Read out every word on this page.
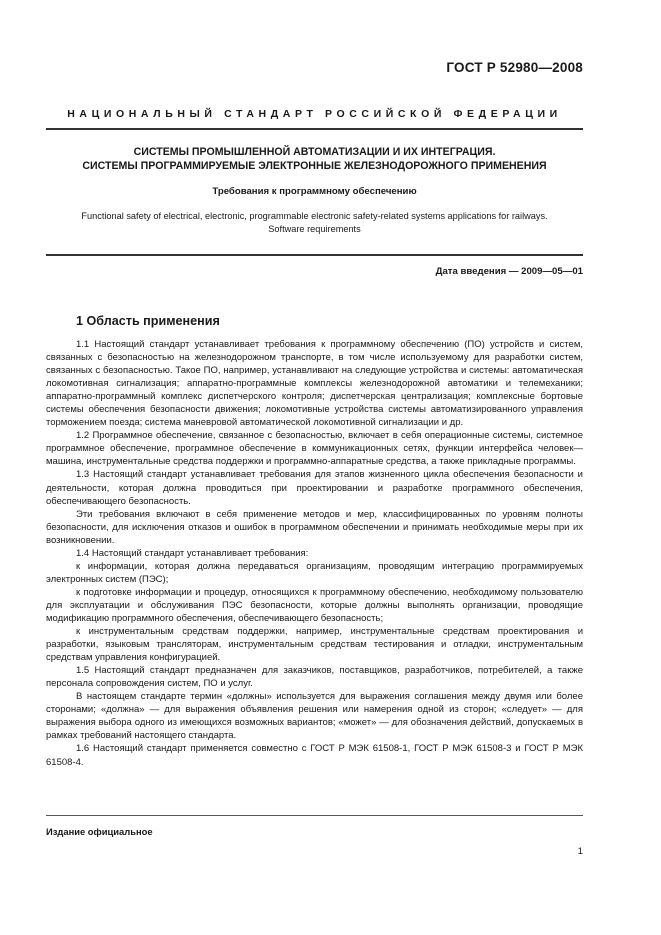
ГОСТ Р 52980—2008
НАЦИОНАЛЬНЫЙ СТАНДАРТ РОССИЙСКОЙ ФЕДЕРАЦИИ
СИСТЕМЫ ПРОМЫШЛЕННОЙ АВТОМАТИЗАЦИИ И ИХ ИНТЕГРАЦИЯ.
СИСТЕМЫ ПРОГРАММИРУЕМЫЕ ЭЛЕКТРОННЫЕ ЖЕЛЕЗНОДОРОЖНОГО ПРИМЕНЕНИЯ
Требования к программному обеспечению
Functional safety of electrical, electronic, programmable electronic safety-related systems applications for railways.
Software requirements
Дата введения — 2009—05—01
1 Область применения

1.1 Настоящий стандарт устанавливает требования к программному обеспечению (ПО) устройств и систем, связанных с безопасностью на железнодорожном транспорте, в том числе используемому для разработки систем, связанных с безопасностью. Такое ПО, например, устанавливают на следующие устройства и системы: автоматическая локомотивная сигнализация; аппаратно-программные комплексы железнодорожной автоматики и телемеханики; аппаратно-программный комплекс диспетчерского контроля; диспетчерская централизация; комплексные бортовые системы обеспечения безопасности движения; локомотивные устройства системы автоматизированного управления торможением поезда; система маневровой автоматической локомотивной сигнализации и др.

1.2 Программное обеспечение, связанное с безопасностью, включает в себя операционные системы, системное программное обеспечение, программное обеспечение в коммуникационных сетях, функции интерфейса человек—машина, инструментальные средства поддержки и программно-аппаратные средства, а также прикладные программы.

1.3 Настоящий стандарт устанавливает требования для этапов жизненного цикла обеспечения безопасности и деятельности, которая должна проводиться при проектировании и разработке программного обеспечения, обеспечивающего безопасность.

Эти требования включают в себя применение методов и мер, классифицированных по уровням полноты безопасности, для исключения отказов и ошибок в программном обеспечении и принимать необходимые меры при их возникновении.

1.4 Настоящий стандарт устанавливает требования:

к информации, которая должна передаваться организациям, проводящим интеграцию программируемых электронных систем (ПЭС);

к подготовке информации и процедур, относящихся к программному обеспечению, необходимому пользователю для эксплуатации и обслуживания ПЭС безопасности, которые должны выполнять организации, проводящие модификацию программного обеспечения, обеспечивающего безопасность;

к инструментальным средствам поддержки, например, инструментальные средствам проектирования и разработки, языковым трансляторам, инструментальным средствам тестирования и отладки, инструментальным средствам управления конфигурацией.

1.5 Настоящий стандарт предназначен для заказчиков, поставщиков, разработчиков, потребителей, а также персонала сопровождения систем, ПО и услуг.

В настоящем стандарте термин «должны» используется для выражения соглашения между двумя или более сторонами; «должна» — для выражения объявления решения или намерения одной из сторон; «следует» — для выражения выбора одного из имеющихся возможных вариантов; «может» — для обозначения действий, допускаемых в рамках требований настоящего стандарта.

1.6 Настоящий стандарт применяется совместно с ГОСТ Р МЭК 61508-1, ГОСТ Р МЭК 61508-3 и ГОСТ Р МЭК 61508-4.

Издание официальное
1
